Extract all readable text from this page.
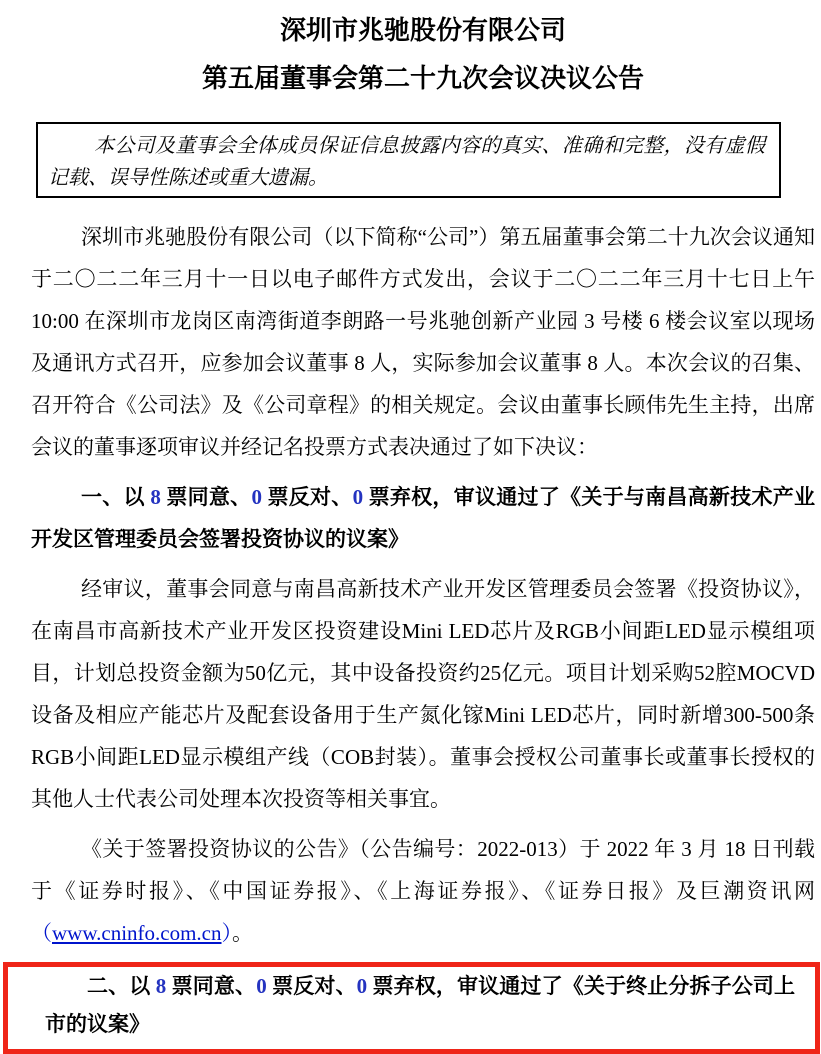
深圳市兆驰股份有限公司
第五届董事会第二十九次会议决议公告

本公司及董事会全体成员保证信息披露内容的真实、准确和完整，没有虚假记载、误导性陈述或重大遗漏。

深圳市兆驰股份有限公司（以下简称“公司”）第五届董事会第二十九次会议通知于二〇二二年三月十一日以电子邮件方式发出，会议于二〇二二年三月十七日上午 10:00 在深圳市龙岗区南湾街道李朗路一号兆驰创新产业园 3 号楼 6 楼会议室以现场及通讯方式召开，应参加会议董事 8 人，实际参加会议董事 8 人。本次会议的召集、召开符合《公司法》及《公司章程》的相关规定。会议由董事长顾伟先生主持，出席会议的董事逐项审议并经记名投票方式表决通过了如下决议：

一、以 8 票同意、0 票反对、0 票弃权，审议通过了《关于与南昌高新技术产业开发区管理委员会签署投资协议的议案》

经审议，董事会同意与南昌高新技术产业开发区管理委员会签署《投资协议》，在南昌市高新技术产业开发区投资建设Mini LED芯片及RGB小间距LED显示模组项目，计划总投资金额为50亿元，其中设备投资约25亿元。项目计划采购52腔MOCVD设备及相应产能芯片及配套设备用于生产氮化镓Mini LED芯片，同时新增300-500条RGB小间距LED显示模组产线（COB封装）。董事会授权公司董事长或董事长授权的其他人士代表公司处理本次投资等相关事宜。

《关于签署投资协议的公告》（公告编号：2022-013）于 2022 年 3 月 18 日刊载于《证券时报》、《中国证券报》、《上海证券报》、《证券日报》及巨潮资讯网（www.cninfo.com.cn）。

二、以 8 票同意、0 票反对、0 票弃权，审议通过了《关于终止分拆子公司上市的议案》
